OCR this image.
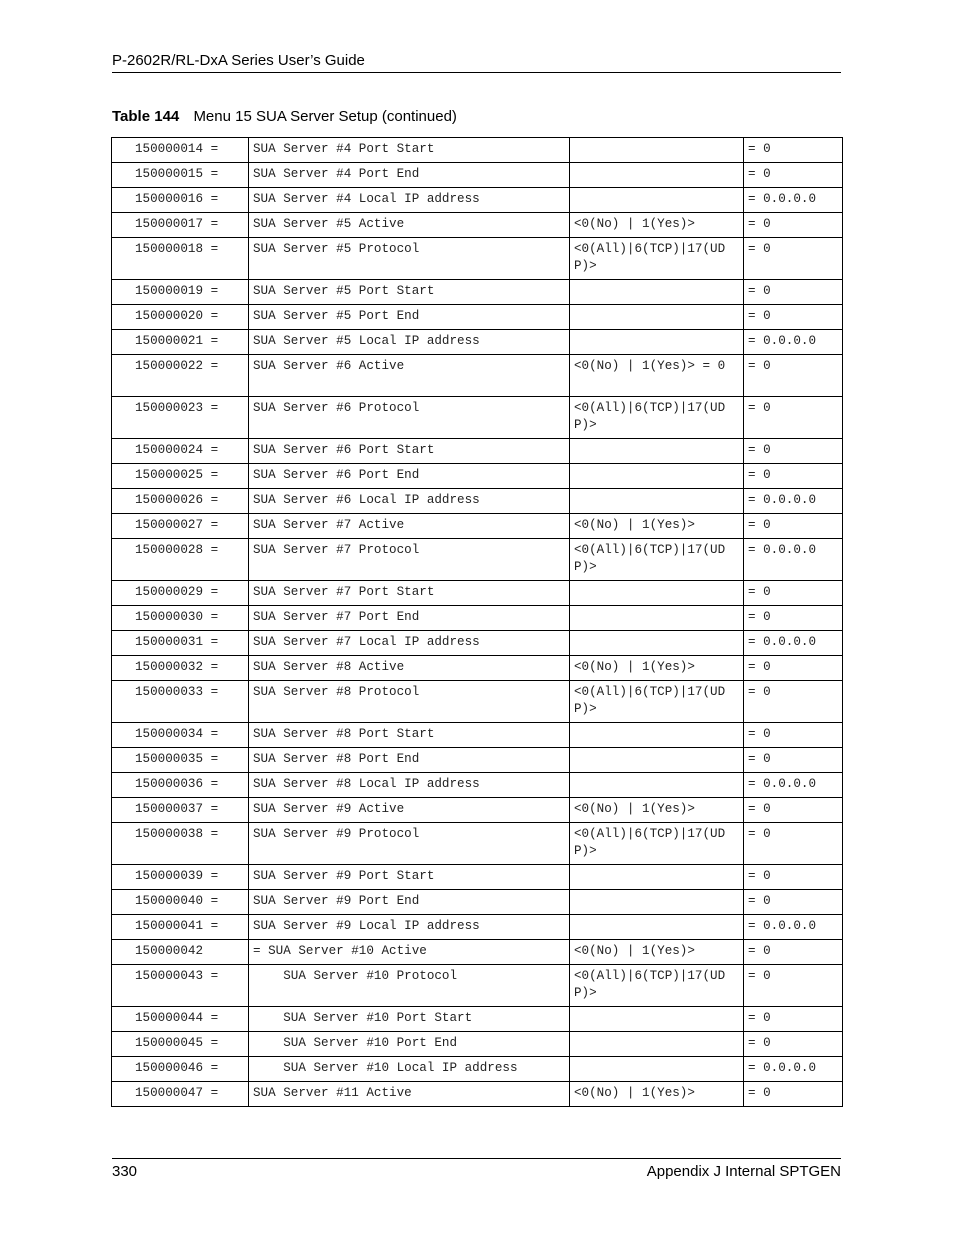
P-2602R/RL-DxA Series User’s Guide
Table 144 Menu 15 SUA Server Setup (continued)
150000014 =	SUA Server #4 Port Start		= 0
150000015 =	SUA Server #4 Port End		= 0
150000016 =	SUA Server #4 Local IP address		= 0.0.0.0
150000017 =	SUA Server #5 Active	<0(No) | 1(Yes)>	= 0
150000018 =	SUA Server #5 Protocol	<0(All)|6(TCP)|17(UDP)>	= 0
150000019 =	SUA Server #5 Port Start		= 0
150000020 =	SUA Server #5 Port End		= 0
150000021 =	SUA Server #5 Local IP address		= 0.0.0.0
150000022 =	SUA Server #6 Active	<0(No) | 1(Yes)> = 0	= 0
150000023 =	SUA Server #6 Protocol	<0(All)|6(TCP)|17(UDP)>	= 0
150000024 =	SUA Server #6 Port Start		= 0
150000025 =	SUA Server #6 Port End		= 0
150000026 =	SUA Server #6 Local IP address		= 0.0.0.0
150000027 =	SUA Server #7 Active	<0(No) | 1(Yes)>	= 0
150000028 =	SUA Server #7 Protocol	<0(All)|6(TCP)|17(UDP)>	= 0.0.0.0
150000029 =	SUA Server #7 Port Start		= 0
150000030 =	SUA Server #7 Port End		= 0
150000031 =	SUA Server #7 Local IP address		= 0.0.0.0
150000032 =	SUA Server #8 Active	<0(No) | 1(Yes)>	= 0
150000033 =	SUA Server #8 Protocol	<0(All)|6(TCP)|17(UDP)>	= 0
150000034 =	SUA Server #8 Port Start		= 0
150000035 =	SUA Server #8 Port End		= 0
150000036 =	SUA Server #8 Local IP address		= 0.0.0.0
150000037 =	SUA Server #9 Active	<0(No) | 1(Yes)>	= 0
150000038 =	SUA Server #9 Protocol	<0(All)|6(TCP)|17(UDP)>	= 0
150000039 =	SUA Server #9 Port Start		= 0
150000040 =	SUA Server #9 Port End		= 0
150000041 =	SUA Server #9 Local IP address		= 0.0.0.0
150000042	= SUA Server #10 Active	<0(No) | 1(Yes)>	= 0
150000043 =	SUA Server #10 Protocol	<0(All)|6(TCP)|17(UDP)>	= 0
150000044 =	SUA Server #10 Port Start		= 0
150000045 =	SUA Server #10 Port End		= 0
150000046 =	SUA Server #10 Local IP address		= 0.0.0.0
150000047 =	SUA Server #11 Active	<0(No) | 1(Yes)>	= 0
330	Appendix J Internal SPTGEN
